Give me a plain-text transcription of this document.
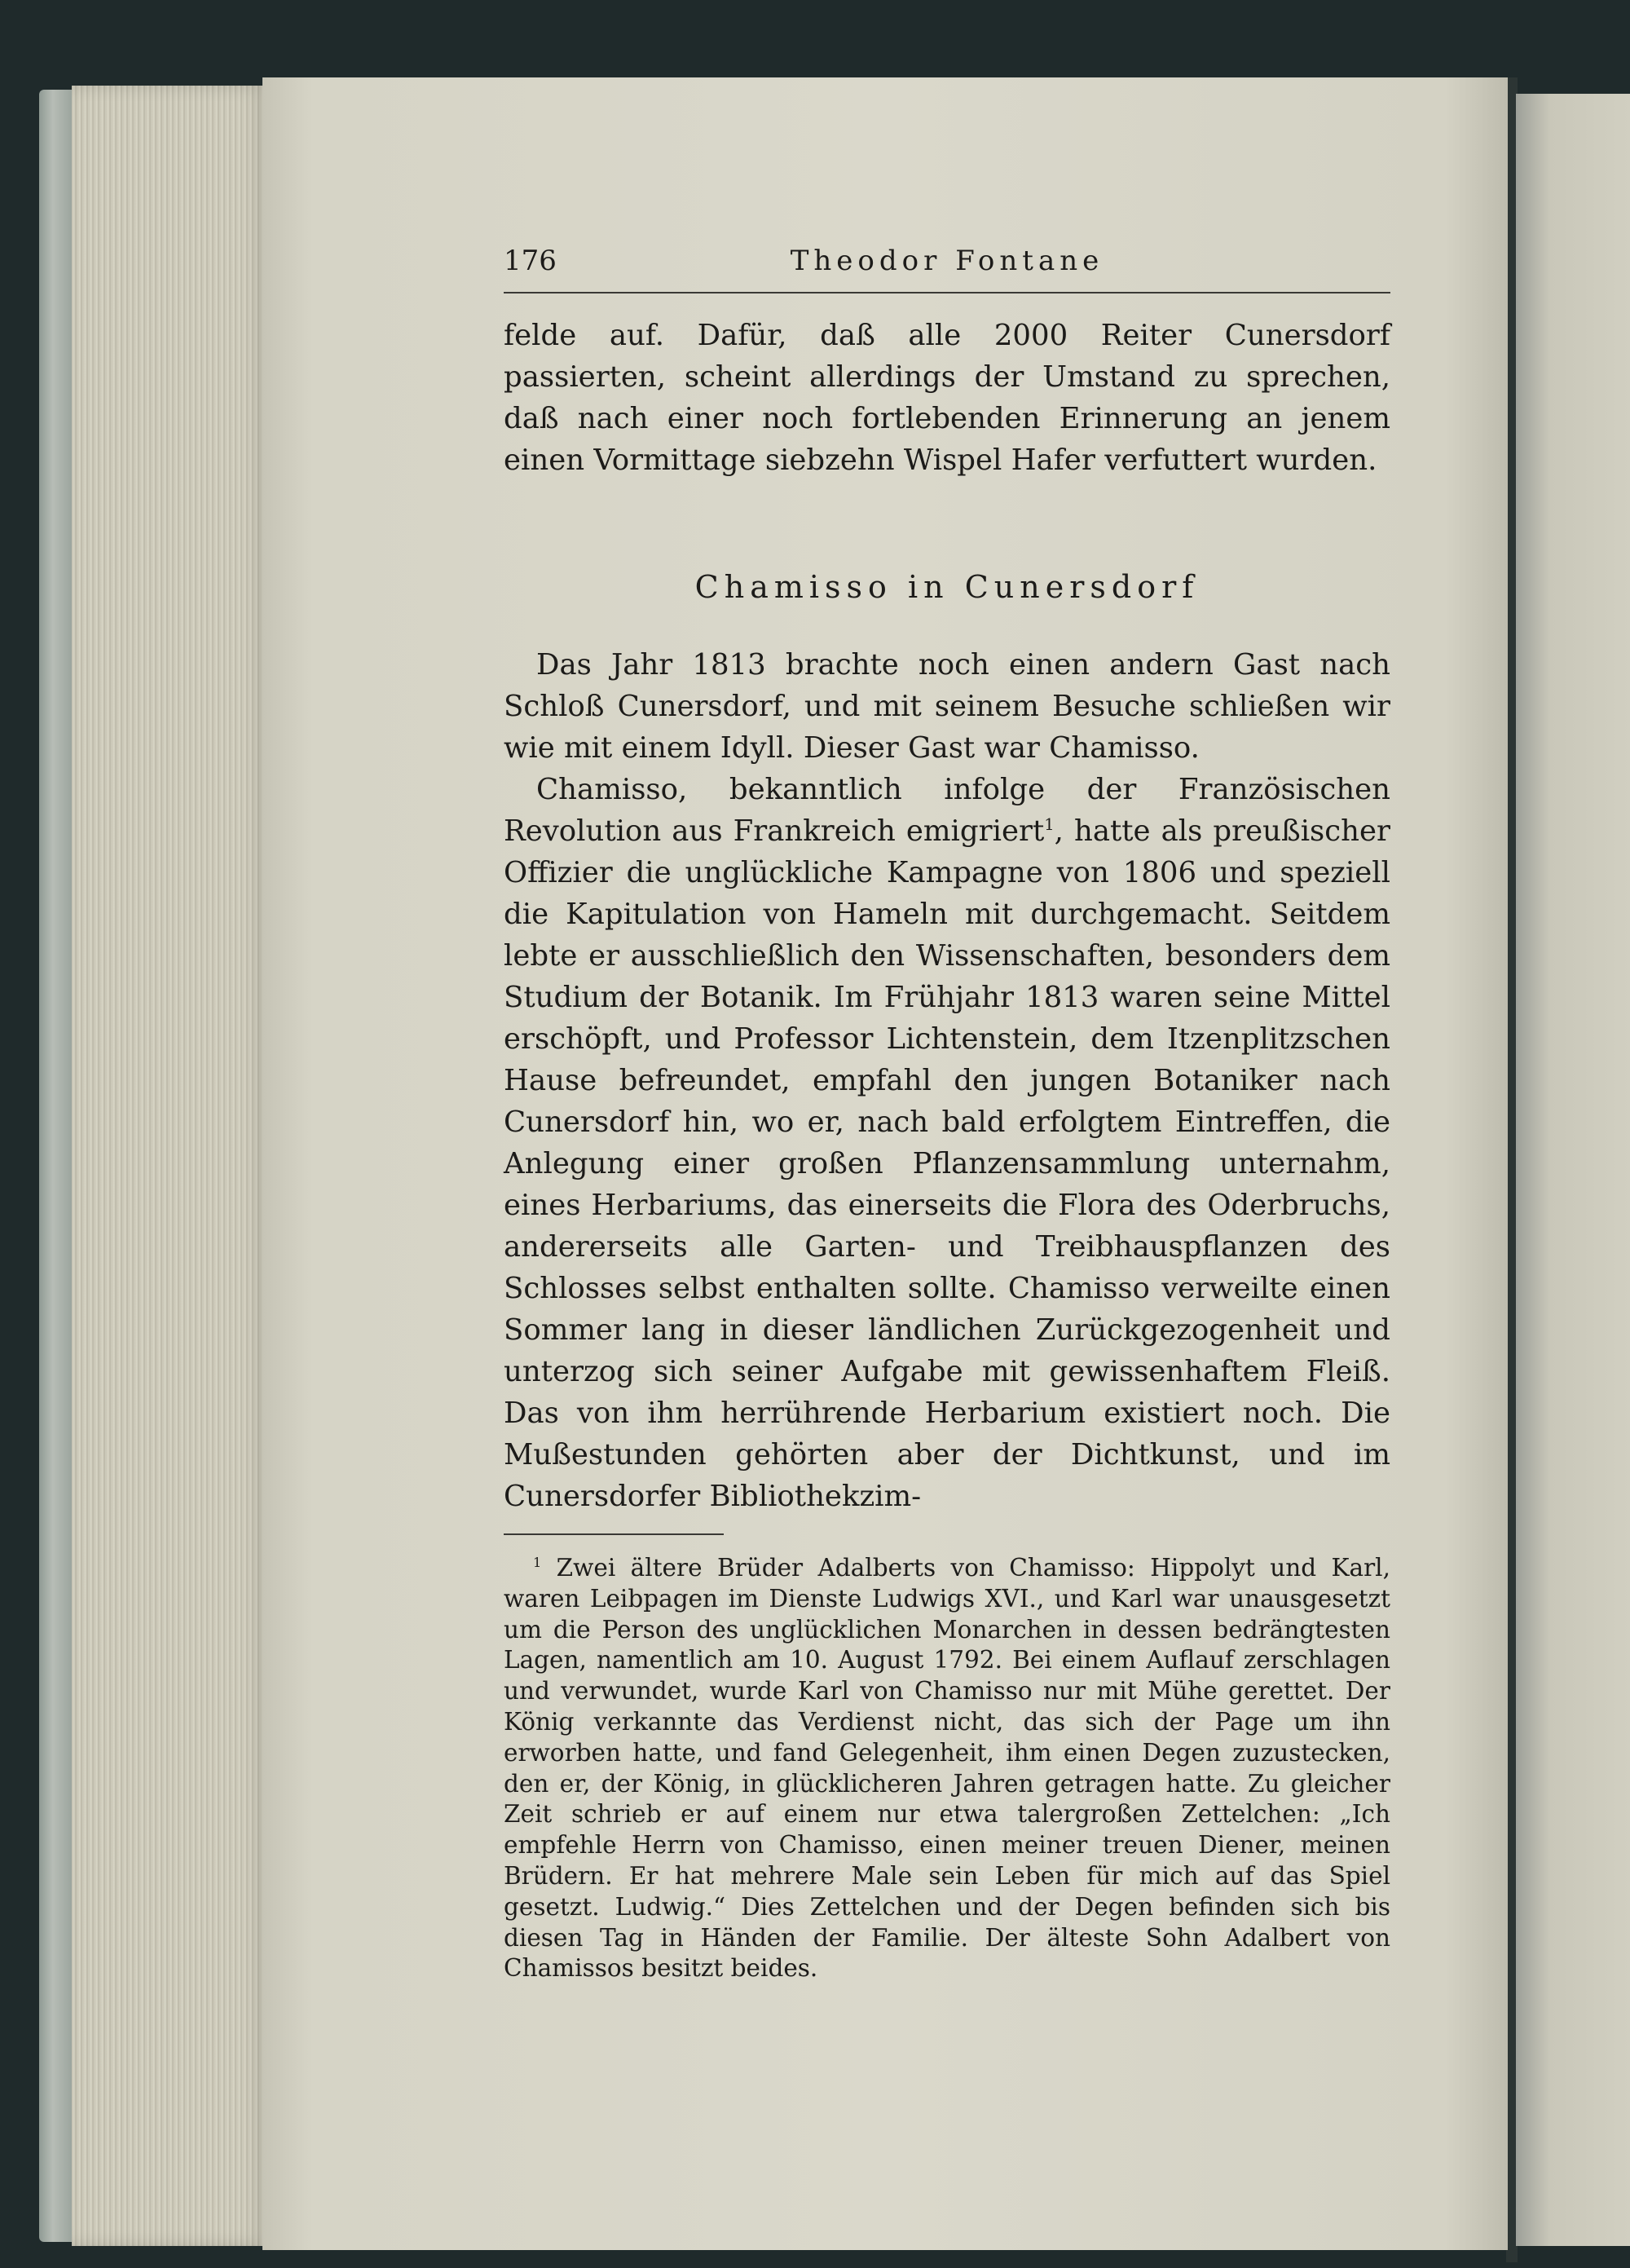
176	Theodor Fontane

felde auf. Dafür, daß alle 2000 Reiter Cunersdorf passierten, scheint allerdings der Umstand zu sprechen, daß nach einer noch fortlebenden Erinnerung an jenem einen Vormittage siebzehn Wispel Hafer verfuttert wurden.

Chamisso in Cunersdorf

Das Jahr 1813 brachte noch einen andern Gast nach Schloß Cunersdorf, und mit seinem Besuche schließen wir wie mit einem Idyll. Dieser Gast war Chamisso.

Chamisso, bekanntlich infolge der Französischen Revolution aus Frankreich emigriert$^1$, hatte als preußischer Offizier die unglückliche Kampagne von 1806 und speziell die Kapitulation von Hameln mit durchgemacht. Seitdem lebte er ausschließlich den Wissenschaften, besonders dem Studium der Botanik. Im Frühjahr 1813 waren seine Mittel erschöpft, und Professor Lichtenstein, dem Itzenplitzschen Hause befreundet, empfahl den jungen Botaniker nach Cunersdorf hin, wo er, nach bald erfolgtem Eintreffen, die Anlegung einer großen Pflanzensammlung unternahm, eines Herbariums, das einerseits die Flora des Oderbruchs, andererseits alle Garten- und Treibhauspflanzen des Schlosses selbst enthalten sollte. Chamisso verweilte einen Sommer lang in dieser ländlichen Zurückgezogenheit und unterzog sich seiner Aufgabe mit gewissenhaftem Fleiß. Das von ihm herrührende Herbarium existiert noch. Die Mußestunden gehörten aber der Dichtkunst, und im Cunersdorfer Bibliothekzim-

$^1$ Zwei ältere Brüder Adalberts von Chamisso: Hippolyt und Karl, waren Leibpagen im Dienste Ludwigs XVI., und Karl war unausgesetzt um die Person des unglücklichen Monarchen in dessen bedrängtesten Lagen, namentlich am 10. August 1792. Bei einem Auflauf zerschlagen und verwundet, wurde Karl von Chamisso nur mit Mühe gerettet. Der König verkannte das Verdienst nicht, das sich der Page um ihn erworben hatte, und fand Gelegenheit, ihm einen Degen zuzustecken, den er, der König, in glücklicheren Jahren getragen hatte. Zu gleicher Zeit schrieb er auf einem nur etwa talergroßen Zettelchen: „Ich empfehle Herrn von Chamisso, einen meiner treuen Diener, meinen Brüdern. Er hat mehrere Male sein Leben für mich auf das Spiel gesetzt. Ludwig.“ Dies Zettelchen und der Degen befinden sich bis diesen Tag in Händen der Familie. Der älteste Sohn Adalbert von Chamissos besitzt beides.
